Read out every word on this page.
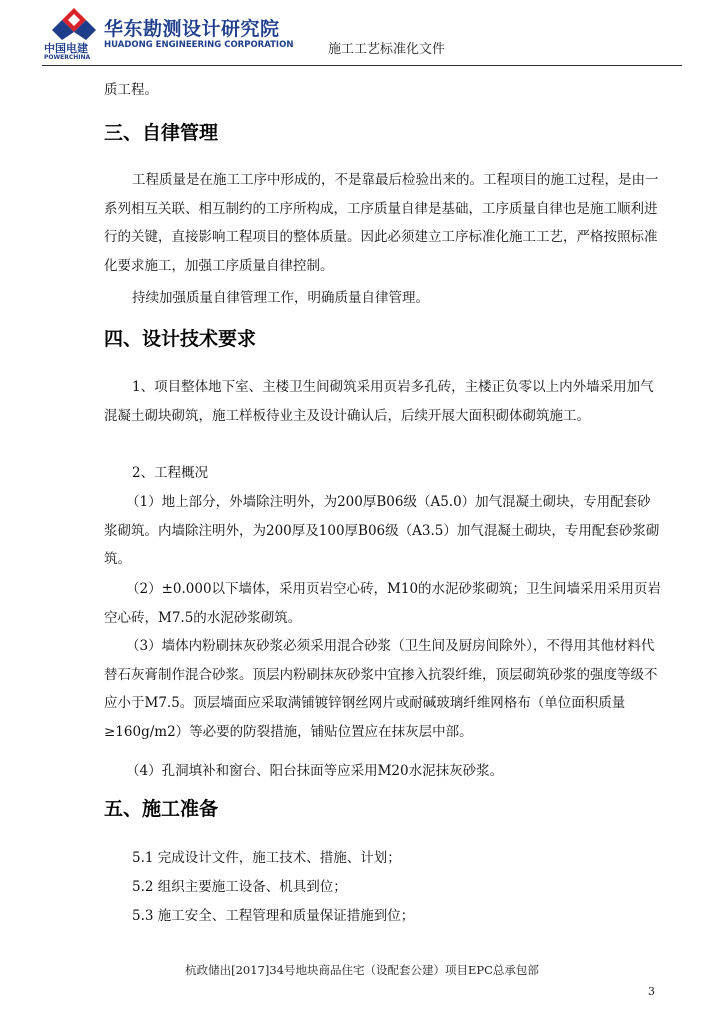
中国电建
POWERCHINA
华东勘测设计研究院
HUADONG ENGINEERING CORPORATION	施工工艺标准化文件

质工程。

三、自律管理

工程质量是在施工工序中形成的，不是靠最后检验出来的。工程项目的施工过程，是由一系列相互关联、相互制约的工序所构成，工序质量自律是基础，工序质量自律也是施工顺利进行的关键，直接影响工程项目的整体质量。因此必须建立工序标准化施工工艺，严格按照标准化要求施工，加强工序质量自律控制。

持续加强质量自律管理工作，明确质量自律管理。

四、设计技术要求

1、项目整体地下室、主楼卫生间砌筑采用页岩多孔砖，主楼正负零以上内外墙采用加气混凝土砌块砌筑，施工样板待业主及设计确认后，后续开展大面积砌体砌筑施工。

2、工程概况

（1）地上部分，外墙除注明外，为200厚B06级（A5.0）加气混凝土砌块，专用配套砂浆砌筑。内墙除注明外，为200厚及100厚B06级（A3.5）加气混凝土砌块，专用配套砂浆砌筑。

（2）±0.000以下墙体，采用页岩空心砖，M10的水泥砂浆砌筑；卫生间墙采用采用页岩空心砖，M7.5的水泥砂浆砌筑。

（3）墙体内粉刷抹灰砂浆必须采用混合砂浆（卫生间及厨房间除外），不得用其他材料代替石灰膏制作混合砂浆。顶层内粉刷抹灰砂浆中宜掺入抗裂纤维，顶层砌筑砂浆的强度等级不应小于M7.5。顶层墙面应采取满铺镀锌钢丝网片或耐碱玻璃纤维网格布（单位面积质量≥160g/m2）等必要的防裂措施，铺贴位置应在抹灰层中部。

（4）孔洞填补和窗台、阳台抹面等应采用M20水泥抹灰砂浆。

五、施工准备

5.1 完成设计文件，施工技术、措施、计划；

5.2 组织主要施工设备、机具到位；

5.3 施工安全、工程管理和质量保证措施到位；

杭政储出[2017]34号地块商品住宅（设配套公建）项目EPC总承包部
3
